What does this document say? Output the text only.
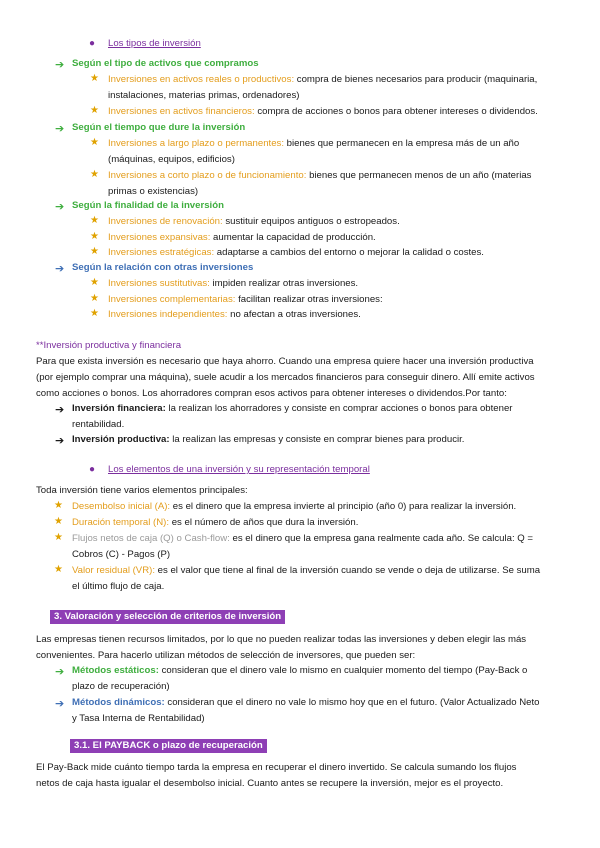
● Los tipos de inversión
➔ Según el tipo de activos que compramos
★ Inversiones en activos reales o productivos: compra de bienes necesarios para producir (maquinaria,
instalaciones, materias primas, ordenadores)
★ Inversiones en activos financieros: compra de acciones o bonos para obtener intereses o dividendos.
➔ Según el tiempo que dure la inversión
★ Inversiones a largo plazo o permanentes: bienes que permanecen en la empresa más de un año
(máquinas, equipos, edificios)
★ Inversiones a corto plazo o de funcionamiento: bienes que permanecen menos de un año (materias
primas o existencias)
➔ Según la finalidad de la inversión
★ Inversiones de renovación: sustituir equipos antiguos o estropeados.
★ Inversiones expansivas: aumentar la capacidad de producción.
★ Inversiones estratégicas: adaptarse a cambios del entorno o mejorar la calidad o costes.
➔ Según la relación con otras inversiones
★ Inversiones sustitutivas: impiden realizar otras inversiones.
★ Inversiones complementarias: facilitan realizar otras inversiones:
★ Inversiones independientes: no afectan a otras inversiones.
**Inversión productiva y financiera
Para que exista inversión es necesario que haya ahorro. Cuando una empresa quiere hacer una inversión productiva
(por ejemplo comprar una máquina), suele acudir a los mercados financieros para conseguir dinero. Allí emite activos
como acciones o bonos. Los ahorradores compran esos activos para obtener intereses o dividendos.Por tanto:
➔ Inversión financiera: la realizan los ahorradores y consiste en comprar acciones o bonos para obtener
rentabilidad.
➔ Inversión productiva: la realizan las empresas y consiste en comprar bienes para producir.
● Los elementos de una inversión y su representación temporal
Toda inversión tiene varios elementos principales:
★ Desembolso inicial (A): es el dinero que la empresa invierte al principio (año 0) para realizar la inversión.
★ Duración temporal (N): es el número de años que dura la inversión.
★ Flujos netos de caja (Q) o Cash-flow: es el dinero que la empresa gana realmente cada año. Se calcula: Q =
Cobros (C) - Pagos (P)
★ Valor residual (VR): es el valor que tiene al final de la inversión cuando se vende o deja de utilizarse. Se suma
el último flujo de caja.
3. Valoración y selección de criterios de inversión
Las empresas tienen recursos limitados, por lo que no pueden realizar todas las inversiones y deben elegir las más
convenientes. Para hacerlo utilizan métodos de selección de inversores, que pueden ser:
➔ Métodos estáticos: consideran que el dinero vale lo mismo en cualquier momento del tiempo (Pay-Back o
plazo de recuperación)
➔ Métodos dinámicos: consideran que el dinero no vale lo mismo hoy que en el futuro. (Valor Actualizado Neto
y Tasa Interna de Rentabilidad)
3.1. El PAYBACK o plazo de recuperación
El Pay-Back mide cuánto tiempo tarda la empresa en recuperar el dinero invertido. Se calcula sumando los flujos
netos de caja hasta igualar el desembolso inicial. Cuanto antes se recupere la inversión, mejor es el proyecto.
